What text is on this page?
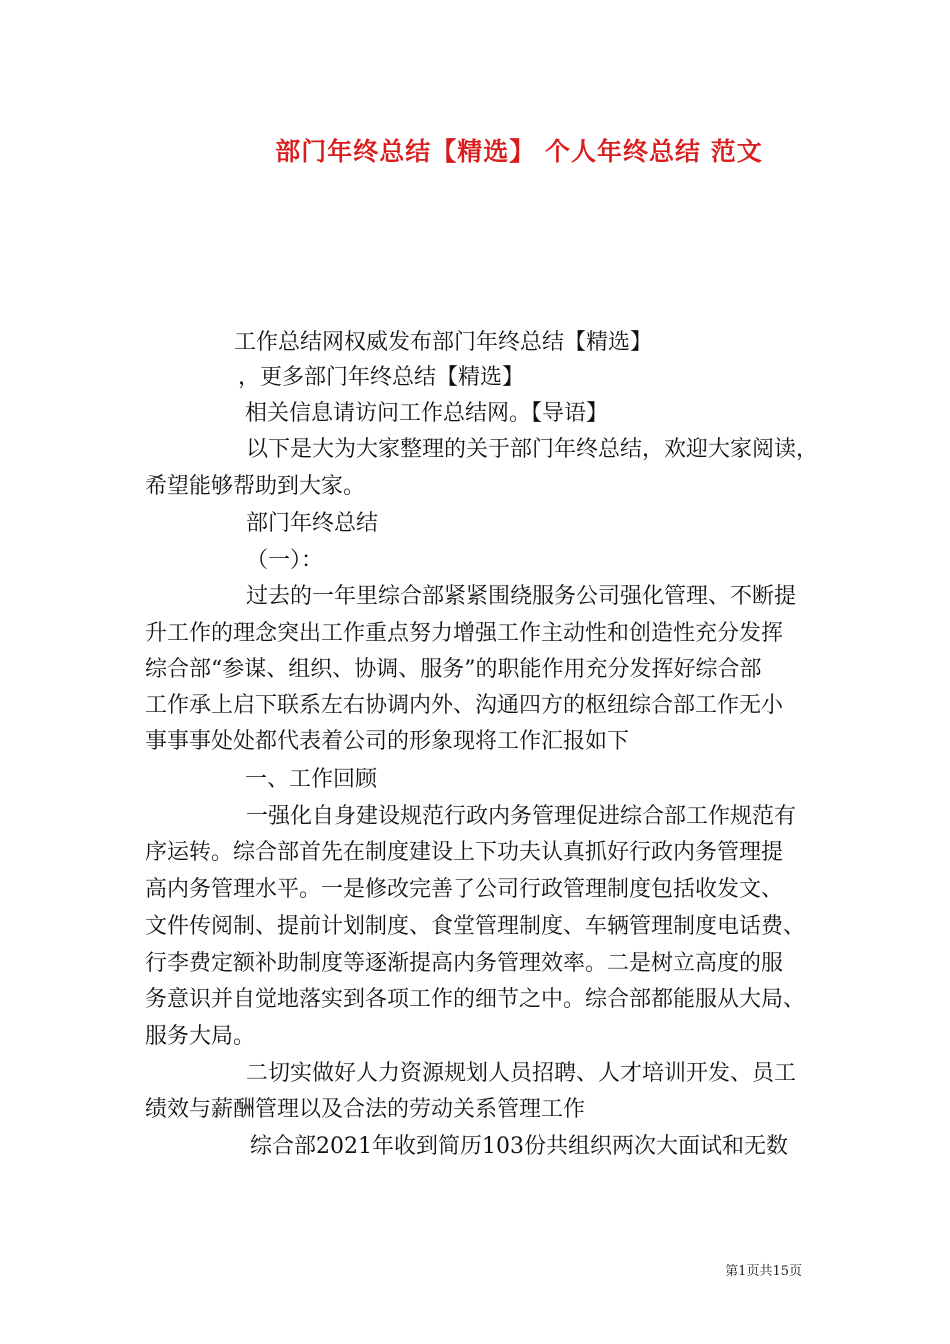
部门年终总结【精选】 个人年终总结 范文
工作总结网权威发布部门年终总结【精选】
，更多部门年终总结【精选】
相关信息请访问工作总结网。【导语】
以下是大为大家整理的关于部门年终总结，欢迎大家阅读，
希望能够帮助到大家。
部门年终总结
（一）：
过去的一年里综合部紧紧围绕服务公司强化管理、不断提
升工作的理念突出工作重点努力增强工作主动性和创造性充分发挥
综合部“参谋、组织、协调、服务”的职能作用充分发挥好综合部
工作承上启下联系左右协调内外、沟通四方的枢纽综合部工作无小
事事事处处都代表着公司的形象现将工作汇报如下
一、工作回顾
一强化自身建设规范行政内务管理促进综合部工作规范有
序运转。综合部首先在制度建设上下功夫认真抓好行政内务管理提
高内务管理水平。一是修改完善了公司行政管理制度包括收发文、
文件传阅制、提前计划制度、食堂管理制度、车辆管理制度电话费、
行李费定额补助制度等逐渐提高内务管理效率。二是树立高度的服
务意识并自觉地落实到各项工作的细节之中。综合部都能服从大局、
服务大局。
二切实做好人力资源规划人员招聘、人才培训开发、员工
绩效与薪酬管理以及合法的劳动关系管理工作
综合部2021年收到简历103份共组织两次大面试和无数
第1页共15页
